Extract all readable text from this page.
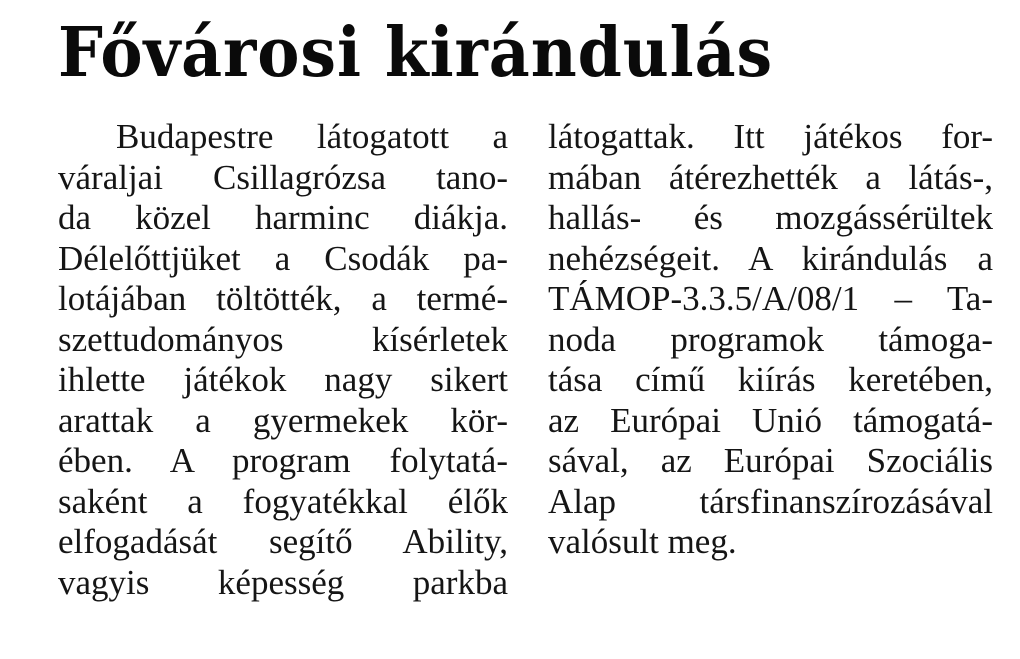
Fővárosi kirándulás
Budapestre látogatott a
váraljai Csillagrózsa tano-
da közel harminc diákja.
Délelőttjüket a Csodák pa-
lotájában töltötték, a termé-
szettudományos kísérletek
ihlette játékok nagy sikert
arattak a gyermekek kör-
ében. A program folytatá-
saként a fogyatékkal élők
elfogadását segítő Ability,
vagyis képesség parkba
látogattak. Itt játékos for-
mában átérezhették a látás-,
hallás- és mozgássérültek
nehézségeit. A kirándulás a
TÁMOP-3.3.5/A/08/1 – Ta-
noda programok támoga-
tása című kiírás keretében,
az Európai Unió támogatá-
sával, az Európai Szociális
Alap társfinanszírozásával
valósult meg.
